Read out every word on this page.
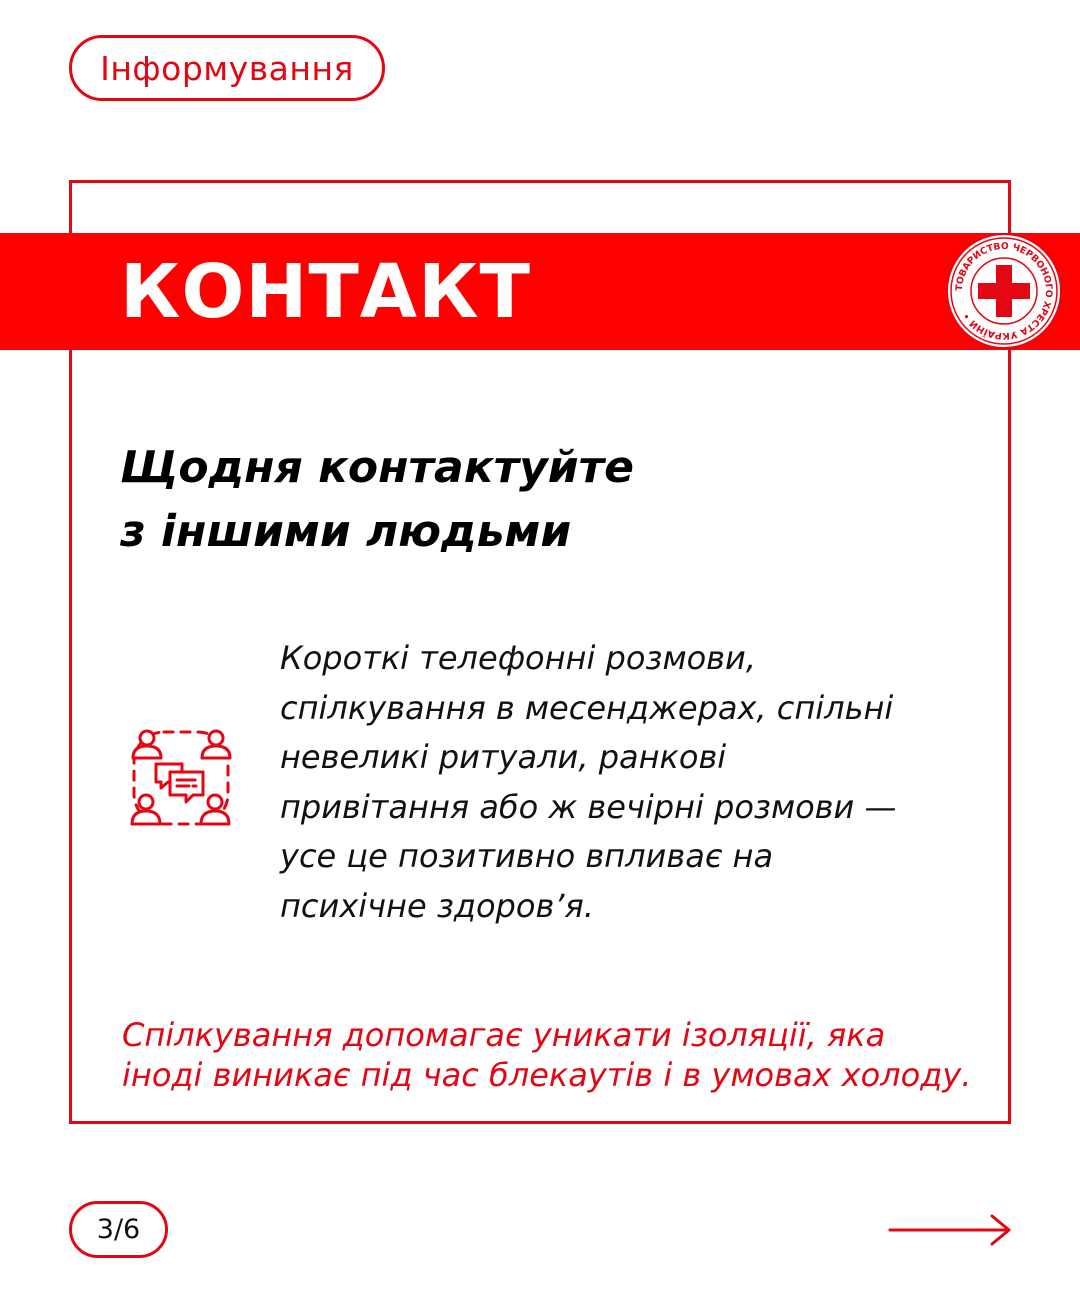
Інформування
КОНТАКТ	ТОВАРИСТВО ЧЕРВОНОГО ХРЕСТА УКРАЇНИ •
Щодня контактуйте
з іншими людьми
Короткі телефонні розмови,
спілкування в месенджерах, спільні
невеликі ритуали, ранкові
привітання або ж вечірні розмови —
усе це позитивно впливає на
психічне здоров’я.
Спілкування допомагає уникати ізоляції, яка
іноді виникає під час блекаутів і в умовах холоду.
3/6
